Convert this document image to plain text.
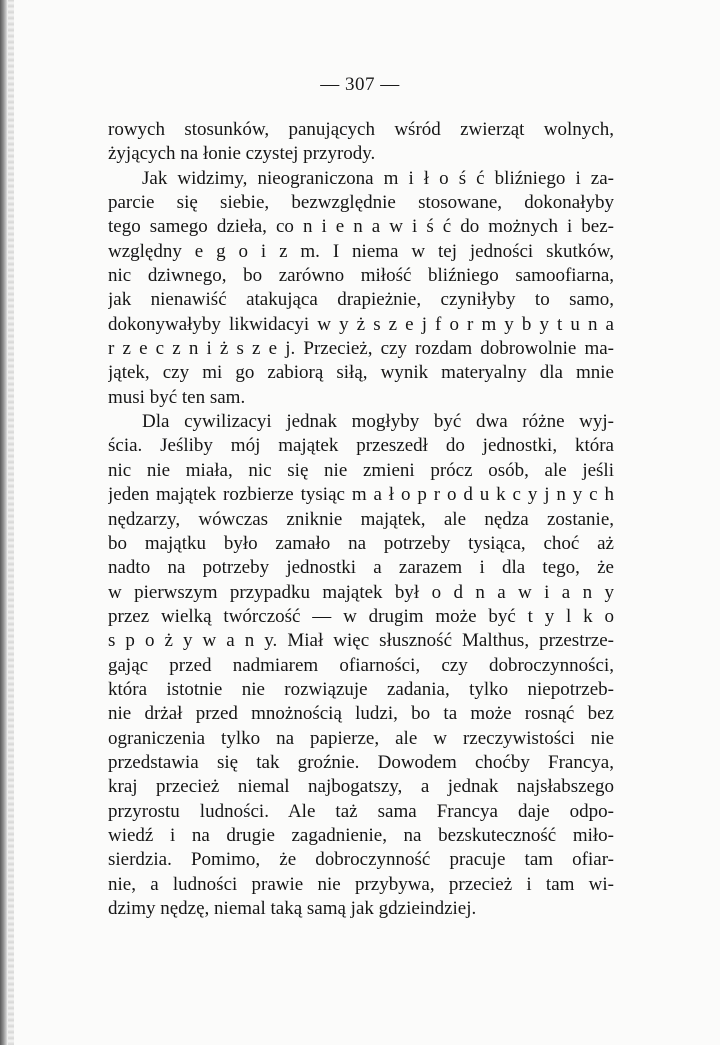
— 307 —
rowych stosunków, panujących wśród zwierząt wolnych,
żyjących na łonie czystej przyrody.
Jak widzimy, nieograniczona m i ł o ś ć bliźniego i za-
parcie się siebie, bezwzględnie stosowane, dokonałyby
tego samego dzieła, co n i e n a w i ś ć do możnych i bez-
względny e g o i z m. I niema w tej jedności skutków,
nic dziwnego, bo zarówno miłość bliźniego samoofiarna,
jak nienawiść atakująca drapieżnie, czyniłyby to samo,
dokonywałyby likwidacyi w y ż s z e j f o r m y b y t u n a
r z e c z n i ż s z e j. Przecież, czy rozdam dobrowolnie ma-
jątek, czy mi go zabiorą siłą, wynik materyalny dla mnie
musi być ten sam.
Dla cywilizacyi jednak mogłyby być dwa różne wyj-
ścia. Jeśliby mój majątek przeszedł do jednostki, która
nic nie miała, nic się nie zmieni prócz osób, ale jeśli
jeden majątek rozbierze tysiąc m a ł o p r o d u k c y j n y c h
nędzarzy, wówczas zniknie majątek, ale nędza zostanie,
bo majątku było zamało na potrzeby tysiąca, choć aż
nadto na potrzeby jednostki a zarazem i dla tego, że
w pierwszym przypadku majątek był o d n a w i a n y
przez wielką twórczość — w drugim może być t y l k o
s p o ż y w a n y. Miał więc słuszność Malthus, przestrze-
gając przed nadmiarem ofiarności, czy dobroczynności,
która istotnie nie rozwiązuje zadania, tylko niepotrzeb-
nie drżał przed mnożnością ludzi, bo ta może rosnąć bez
ograniczenia tylko na papierze, ale w rzeczywistości nie
przedstawia się tak groźnie. Dowodem choćby Francya,
kraj przecież niemal najbogatszy, a jednak najsłabszego
przyrostu ludności. Ale taż sama Francya daje odpo-
wiedź i na drugie zagadnienie, na bezskuteczność miło-
sierdzia. Pomimo, że dobroczynność pracuje tam ofiar-
nie, a ludności prawie nie przybywa, przecież i tam wi-
dzimy nędzę, niemal taką samą jak gdzieindziej.
